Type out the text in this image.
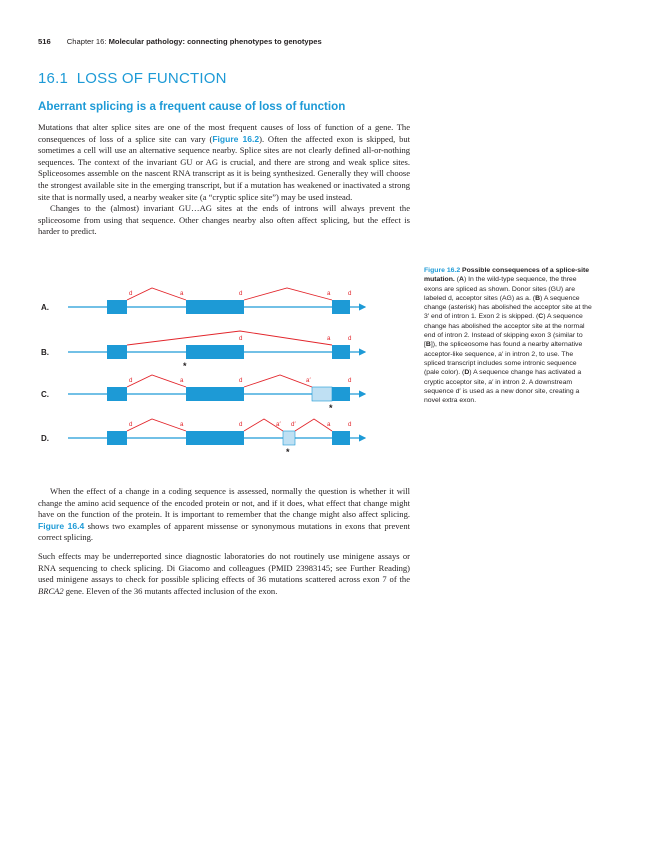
516 Chapter 16: Molecular pathology: connecting phenotypes to genotypes
16.1 LOSS OF FUNCTION
Aberrant splicing is a frequent cause of loss of function

Mutations that alter splice sites are one of the most frequent causes of loss of function of a gene. The consequences of loss of a splice site can vary (Figure 16.2). Often the affected exon is skipped, but sometimes a cell will use an alternative sequence nearby. Splice sites are not clearly defined all-or-nothing sequences. The context of the invariant GU or AG is crucial, and there are strong and weak splice sites. Spliceosomes assemble on the nascent RNA transcript as it is being synthesized. Generally they will choose the strongest available site in the emerging transcript, but if a mutation has weakened or inactivated a strong site that is normally used, a nearby weaker site (a “cryptic splice site”) may be used instead.

Changes to the (almost) invariant GU…AG sites at the ends of introns will always prevent the spliceosome from using that sequence. Other changes nearby also often affect splicing, but the effect is harder to predict.

A.
d	a	d	a	d
B.
d	a	d
*
C.
d	a	d	a′	d
*
D.
d	a	d	a′ d′	a	d
*
Figure 16.2 Possible consequences of a splice-site mutation. (A) In the wild-type sequence, the three exons are spliced as shown. Donor sites (GU) are labeled d, acceptor sites (AG) as a. (B) A sequence change (asterisk) has abolished the acceptor site at the 3′ end of intron 1. Exon 2 is skipped. (C) A sequence change has abolished the acceptor site at the normal end of intron 2. Instead of skipping exon 3 (similar to [B]), the spliceosome has found a nearby alternative acceptor-like sequence, a′ in intron 2, to use. The spliced transcript includes some intronic sequence (pale color). (D) A sequence change has activated a cryptic acceptor site, a′ in intron 2. A downstream sequence d′ is used as a new donor site, creating a novel extra exon.

When the effect of a change in a coding sequence is assessed, normally the question is whether it will change the amino acid sequence of the encoded protein or not, and if it does, what effect that change might have on the function of the protein. It is important to remember that the change might also affect splicing. Figure 16.4 shows two examples of apparent missense or synonymous mutations in exons that prevent correct splicing.

Such effects may be underreported since diagnostic laboratories do not routinely use minigene assays or RNA sequencing to check splicing. Di Giacomo and colleagues (PMID 23983145; see Further Reading) used minigene assays to check for possible splicing effects of 36 mutations scattered across exon 7 of the BRCA2 gene. Eleven of the 36 mutants affected inclusion of the exon.
